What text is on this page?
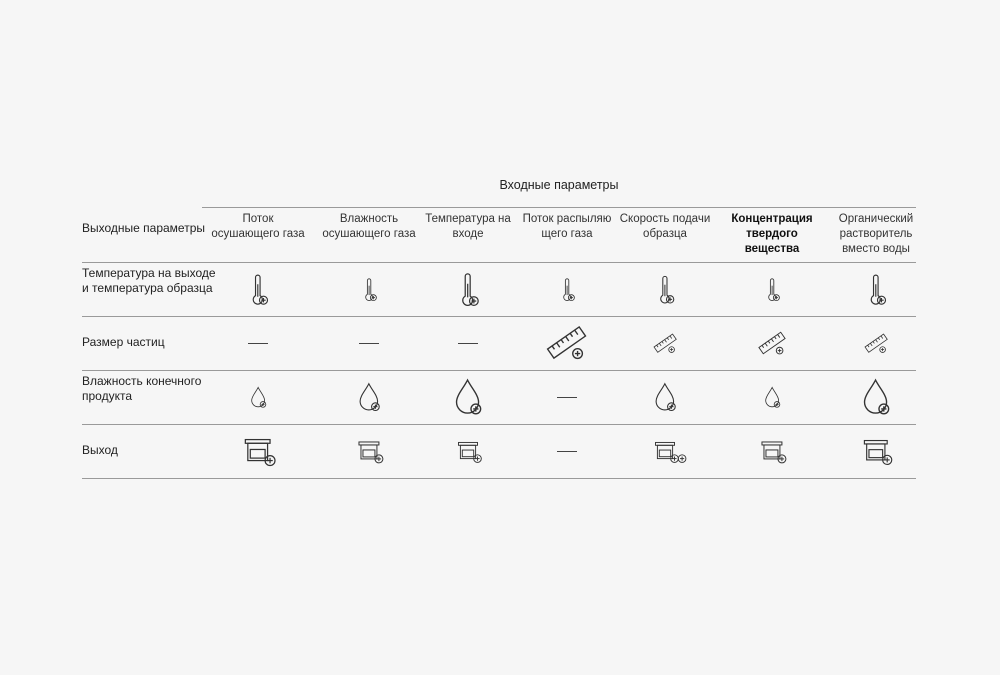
Входные параметры
Выходные параметры
Поток осушающего газа
Влажность осушающего газа
Температура на входе
Поток распыляю щего газа
Скорость подачи образца
Концентрация твердого вещества
Органический растворитель вместо воды
Температура на выходе и температура образца
Размер частиц
Влажность конечного продукта
Выход
